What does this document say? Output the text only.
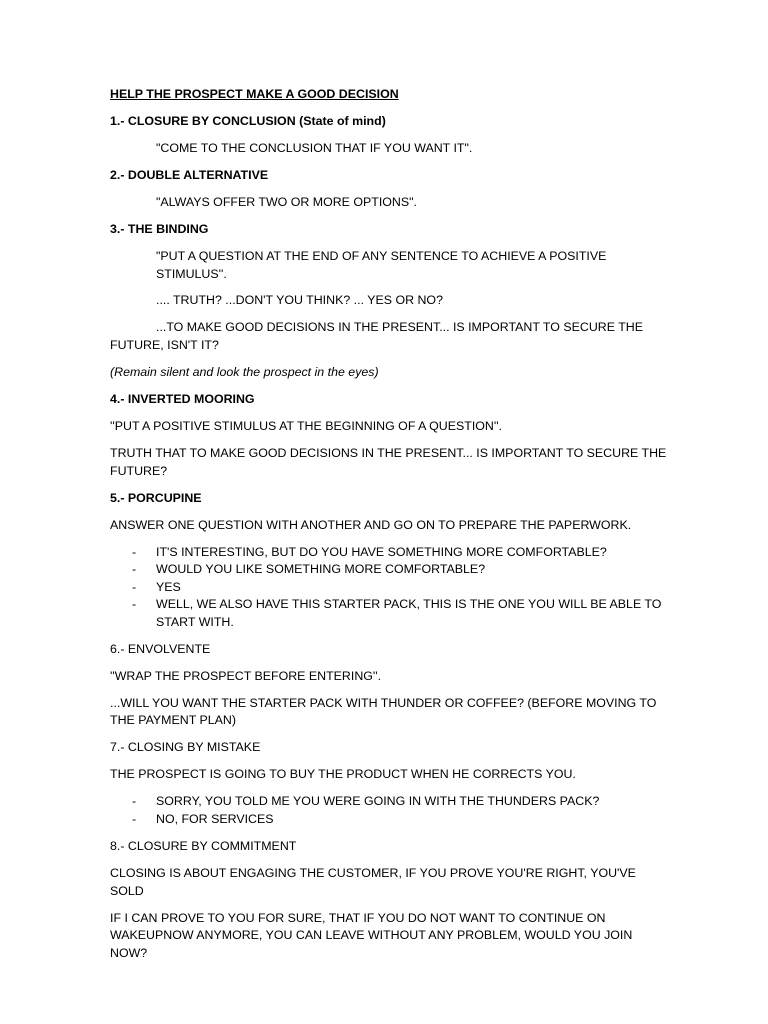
HELP THE PROSPECT MAKE A GOOD DECISION

1.- CLOSURE BY CONCLUSION (State of mind)

"COME TO THE CONCLUSION THAT IF YOU WANT IT".

2.- DOUBLE ALTERNATIVE

"ALWAYS OFFER TWO OR MORE OPTIONS".

3.- THE BINDING

"PUT A QUESTION AT THE END OF ANY SENTENCE TO ACHIEVE A POSITIVE STIMULUS''.

.... TRUTH? ...DON'T YOU THINK? ... YES OR NO?

...TO MAKE GOOD DECISIONS IN THE PRESENT... IS IMPORTANT TO SECURE THE
FUTURE, ISN'T IT?

(Remain silent and look the prospect in the eyes)

4.- INVERTED MOORING

''PUT A POSITIVE STIMULUS AT THE BEGINNING OF A QUESTION''.

TRUTH THAT TO MAKE GOOD DECISIONS IN THE PRESENT... IS IMPORTANT TO SECURE THE FUTURE?

5.- PORCUPINE

ANSWER ONE QUESTION WITH ANOTHER AND GO ON TO PREPARE THE PAPERWORK.

- IT'S INTERESTING, BUT DO YOU HAVE SOMETHING MORE COMFORTABLE?
- WOULD YOU LIKE SOMETHING MORE COMFORTABLE?
- YES
- WELL, WE ALSO HAVE THIS STARTER PACK, THIS IS THE ONE YOU WILL BE ABLE TO START WITH.

6.- ENVOLVENTE

''WRAP THE PROSPECT BEFORE ENTERING''.

...WILL YOU WANT THE STARTER PACK WITH THUNDER OR COFFEE? (BEFORE MOVING TO THE PAYMENT PLAN)

7.- CLOSING BY MISTAKE

THE PROSPECT IS GOING TO BUY THE PRODUCT WHEN HE CORRECTS YOU.

- SORRY, YOU TOLD ME YOU WERE GOING IN WITH THE THUNDERS PACK?
- NO, FOR SERVICES

8.- CLOSURE BY COMMITMENT

CLOSING IS ABOUT ENGAGING THE CUSTOMER, IF YOU PROVE YOU'RE RIGHT, YOU'VE SOLD

IF I CAN PROVE TO YOU FOR SURE, THAT IF YOU DO NOT WANT TO CONTINUE ON WAKEUPNOW ANYMORE, YOU CAN LEAVE WITHOUT ANY PROBLEM, WOULD YOU JOIN NOW?
